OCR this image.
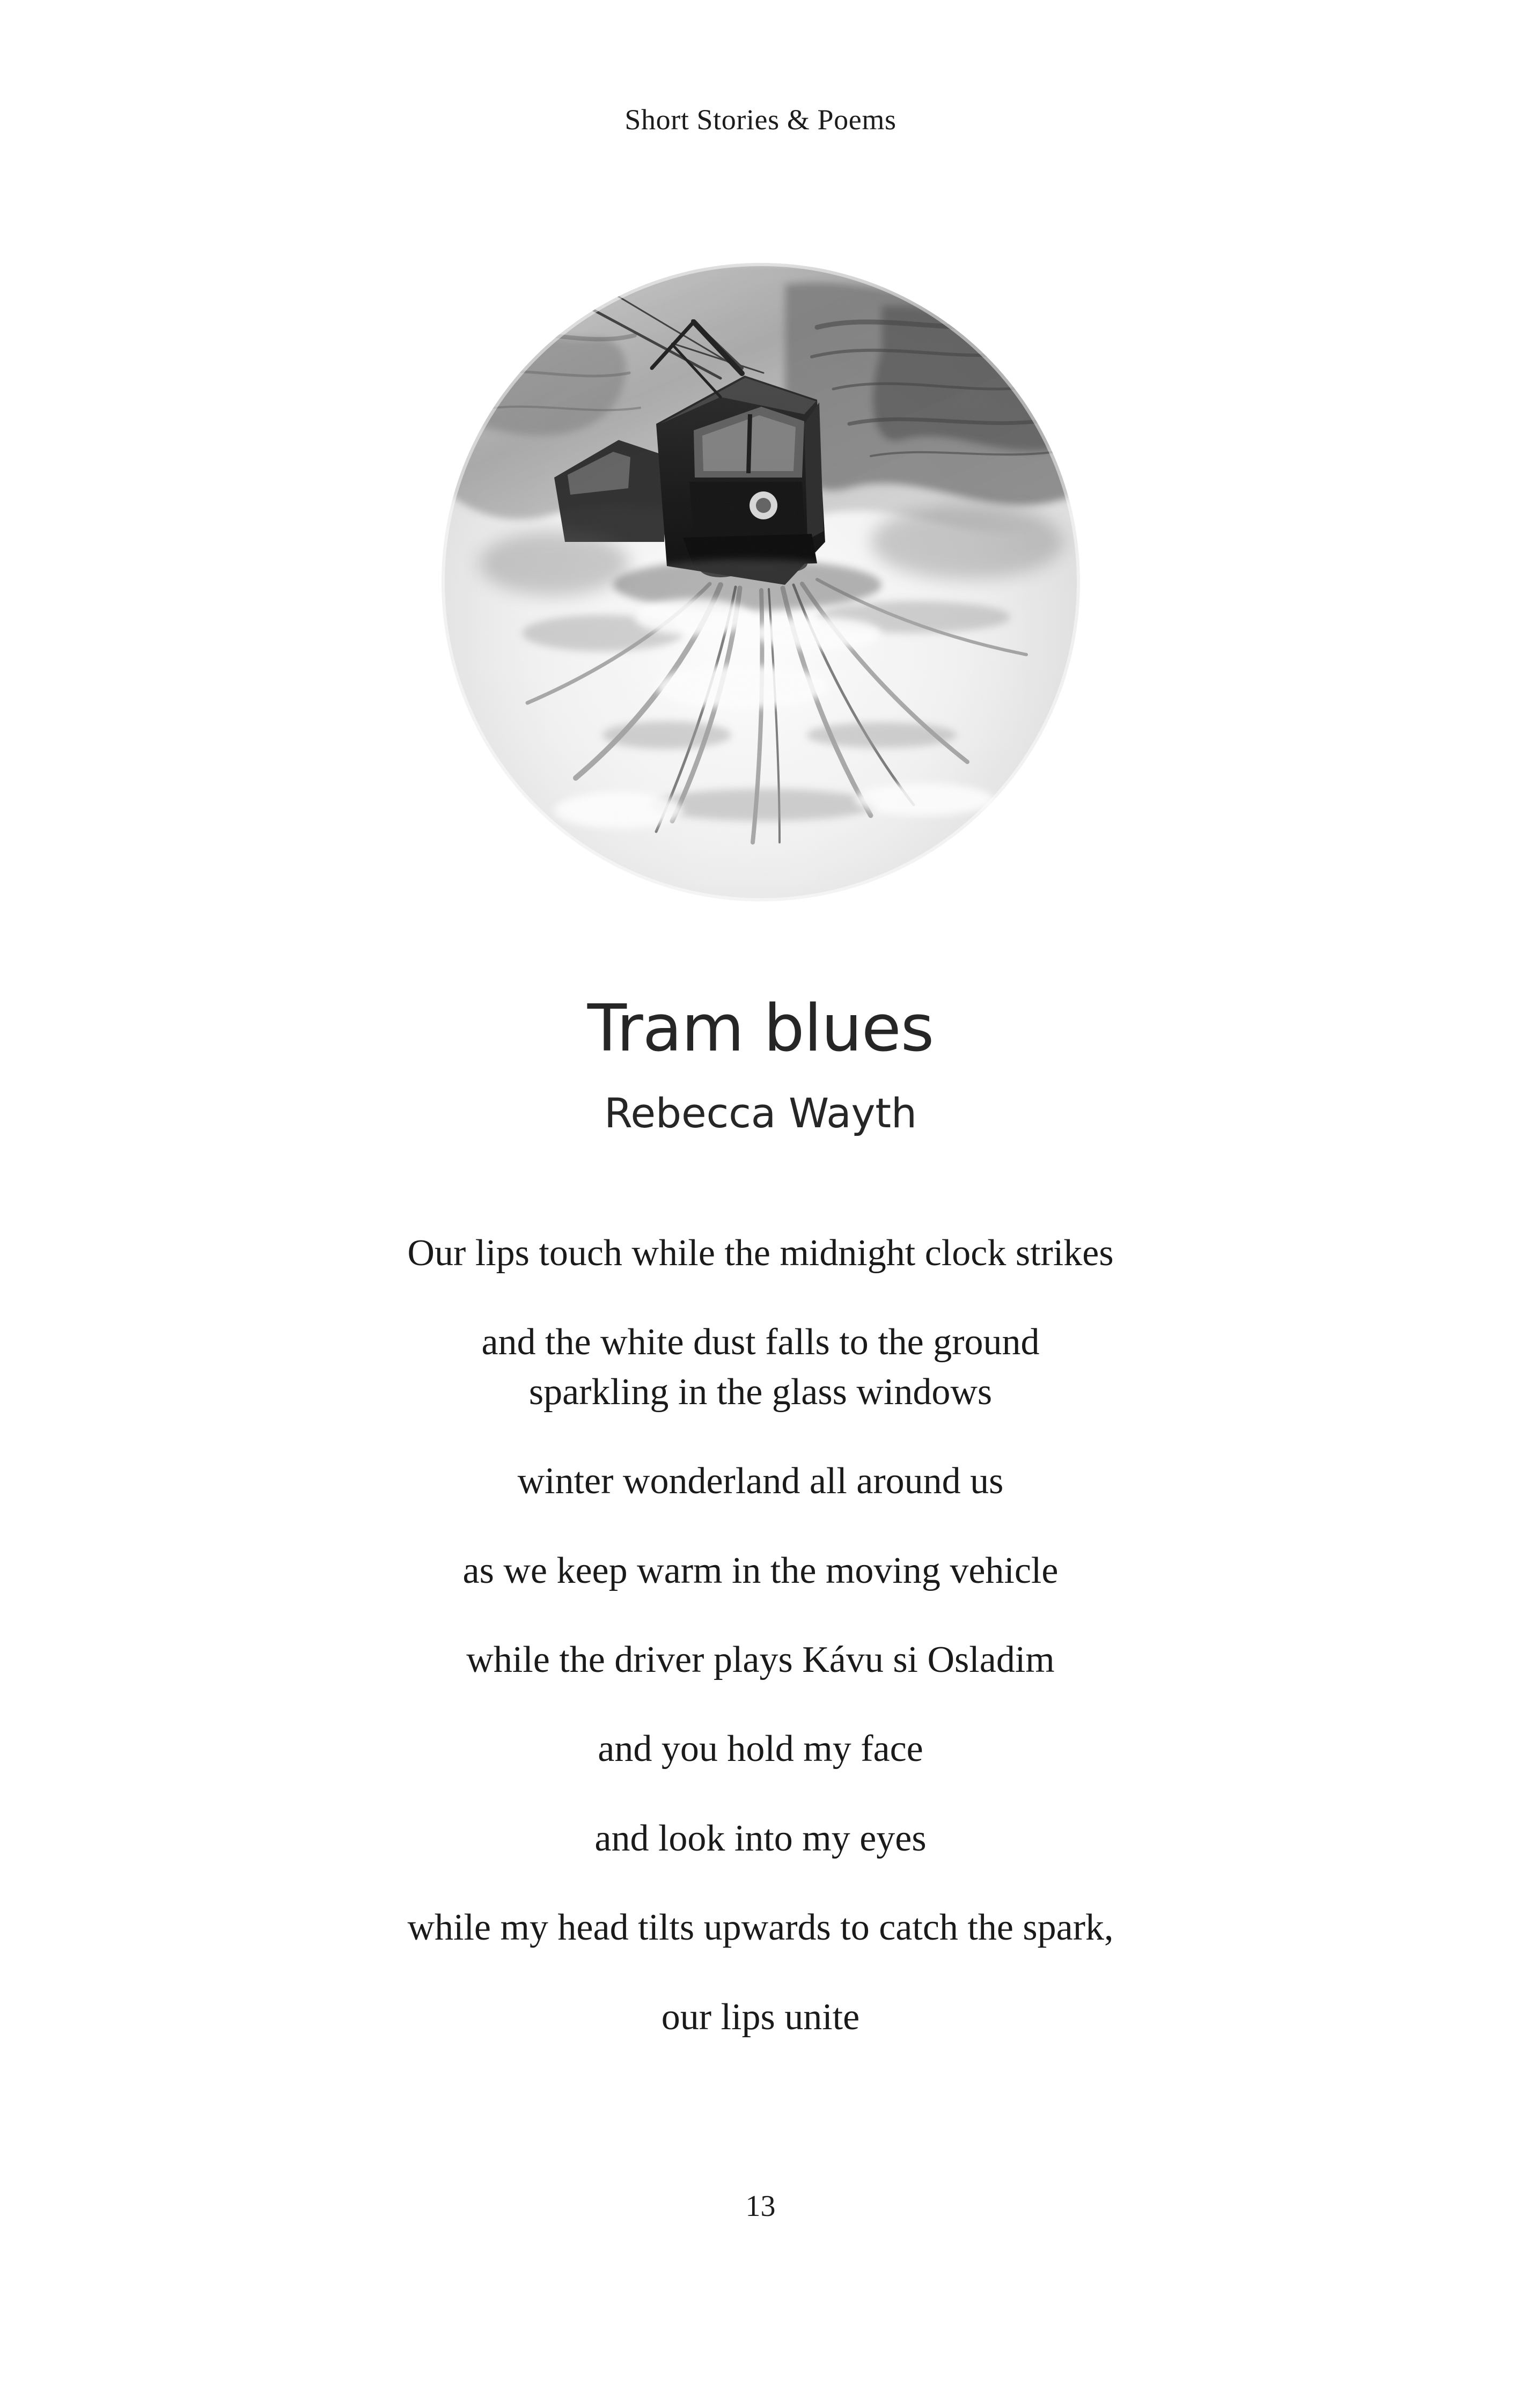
Short Stories & Poems
Tram blues
Rebecca Wayth

Our lips touch while the midnight clock strikes

and the white dust falls to the ground
sparkling in the glass windows

winter wonderland all around us

as we keep warm in the moving vehicle

while the driver plays Kávu si Osladim

and you hold my face

and look into my eyes

while my head tilts upwards to catch the spark,

our lips unite

13
